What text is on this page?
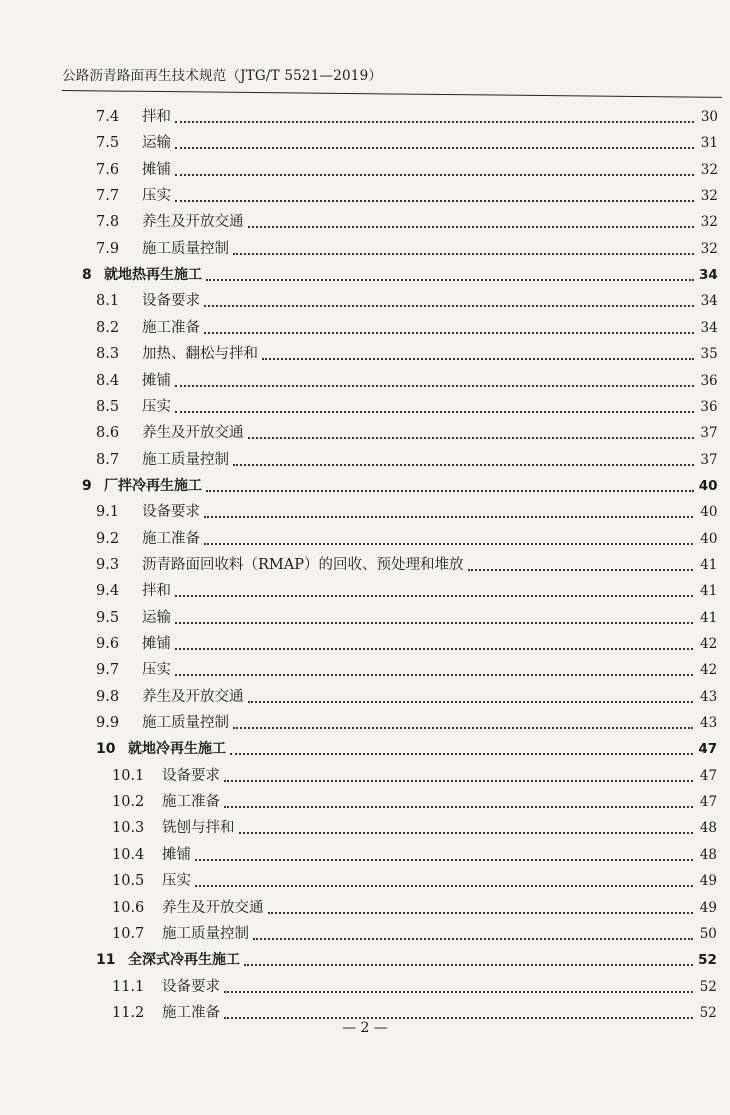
公路沥青路面再生技术规范（JTG/T 5521—2019）
7.4	拌和	30
7.5	运输	31
7.6	摊铺	32
7.7	压实	32
7.8	养生及开放交通	32
7.9	施工质量控制	32
8 就地热再生施工	34
8.1	设备要求	34
8.2	施工准备	34
8.3	加热、翻松与拌和	35
8.4	摊铺	36
8.5	压实	36
8.6	养生及开放交通	37
8.7	施工质量控制	37
9 厂拌冷再生施工	40
9.1	设备要求	40
9.2	施工准备	40
9.3	沥青路面回收料（RMAP）的回收、预处理和堆放	41
9.4	拌和	41
9.5	运输	41
9.6	摊铺	42
9.7	压实	42
9.8	养生及开放交通	43
9.9	施工质量控制	43
10 就地冷再生施工	47
10.1	设备要求	47
10.2	施工准备	47
10.3	铣刨与拌和	48
10.4	摊铺	48
10.5	压实	49
10.6	养生及开放交通	49
10.7	施工质量控制	50
11 全深式冷再生施工	52
11.1	设备要求	52
11.2	施工准备	52
— 2 —
